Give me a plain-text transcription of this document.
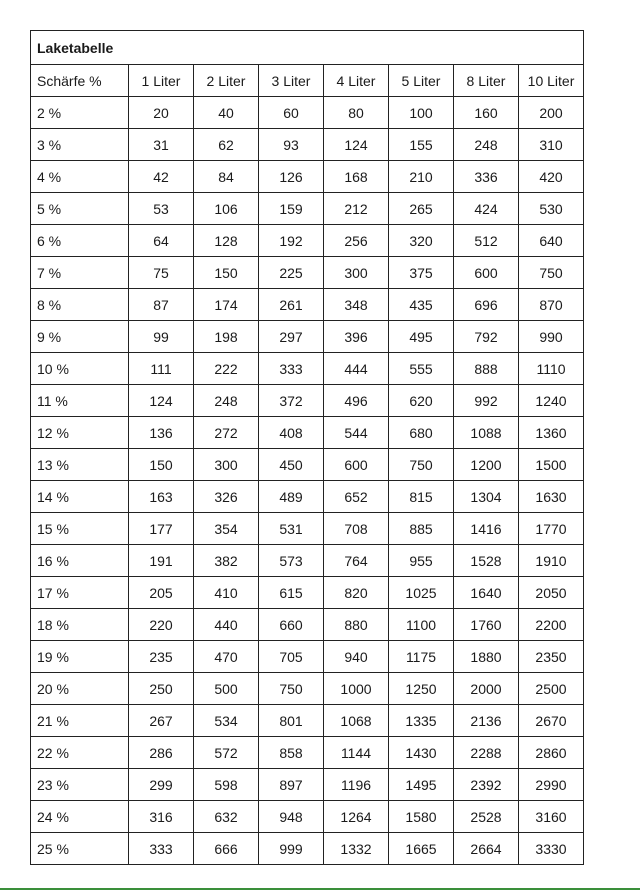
Laketabelle							
Schärfe %	1 Liter	2 Liter	3 Liter	4 Liter	5 Liter	8 Liter	10 Liter
2 %	20	40	60	80	100	160	200
3 %	31	62	93	124	155	248	310
4 %	42	84	126	168	210	336	420
5 %	53	106	159	212	265	424	530
6 %	64	128	192	256	320	512	640
7 %	75	150	225	300	375	600	750
8 %	87	174	261	348	435	696	870
9 %	99	198	297	396	495	792	990
10 %	111	222	333	444	555	888	1110
11 %	124	248	372	496	620	992	1240
12 %	136	272	408	544	680	1088	1360
13 %	150	300	450	600	750	1200	1500
14 %	163	326	489	652	815	1304	1630
15 %	177	354	531	708	885	1416	1770
16 %	191	382	573	764	955	1528	1910
17 %	205	410	615	820	1025	1640	2050
18 %	220	440	660	880	1100	1760	2200
19 %	235	470	705	940	1175	1880	2350
20 %	250	500	750	1000	1250	2000	2500
21 %	267	534	801	1068	1335	2136	2670
22 %	286	572	858	1144	1430	2288	2860
23 %	299	598	897	1196	1495	2392	2990
24 %	316	632	948	1264	1580	2528	3160
25 %	333	666	999	1332	1665	2664	3330
